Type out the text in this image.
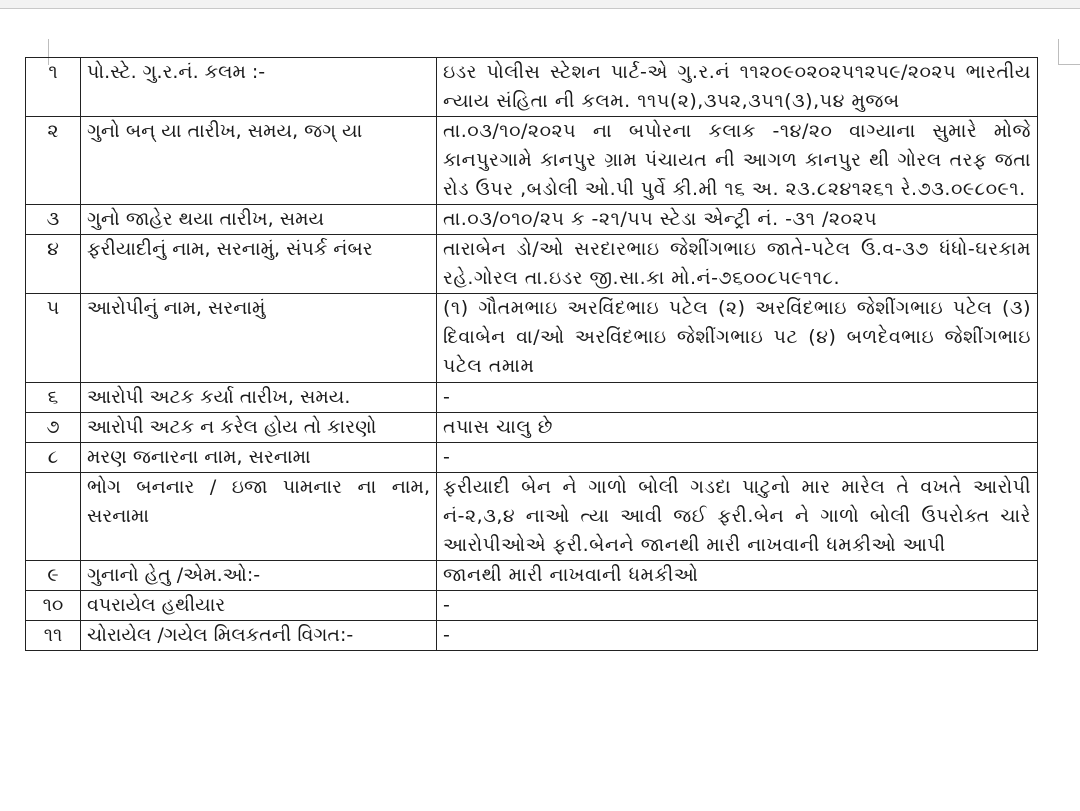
૧	પો.સ્ટે. ગુ.ર.નં. કલમ :-	ઇડર પોલીસ સ્ટેશન પાર્ટ-એ ગુ.ર.નં ૧૧૨૦૯૦૨૦૨૫૧૨૫૯/૨૦૨૫ ભારતીય ન્યાય સંહિતા ની કલમ. ૧૧૫(૨),૩૫૨,૩૫૧(૩),૫૪ મુજબ
૨	ગુનો બન્ યા તારીખ, સમય, જગ્ યા	તા.૦૩/૧૦/૨૦૨૫ ના બપોરના કલાક -૧૪/૨૦ વાગ્યાના સુમારે મોજે કાનપુરગામે કાનપુર ગ્રામ પંચાયત ની આગળ કાનપુર થી ગોરલ તરફ જતા રોડ ઉપર ,બડોલી ઓ.પી પુર્વે કી.મી ૧૬ અ. ૨૩.૮૨૪૧૨૬૧ રે.૭૩.૦૯૮૦૯૧.
૩	ગુનો જાહેર થયા તારીખ, સમય	તા.૦૩/૦૧૦/૨૫ ક -૨૧/૫૫ સ્ટેડા એન્ટ્રી નં. -૩૧ /૨૦૨૫
૪	ફરીયાદીનું નામ, સરનામું, સંપર્ક નંબર	તારાબેન ડો/ઓ સરદારભાઇ જેશીંગભાઇ જાતે-પટેલ ઉ.વ-૩૭ ધંધો-ઘરકામ રહે.ગોરલ તા.ઇડર જી.સા.કા મો.નં-૭૬૦૦૮૫૯૧૧૮.
૫	આરોપીનું નામ, સરનામું	(૧) ગૌતમભાઇ અરવિંદભાઇ પટેલ (૨) અરવિંદભાઇ જેશીંગભાઇ પટેલ (૩) દિવાબેન વા/ઓ અરવિંદભાઇ જેશીંગભાઇ પટ (૪) બળદેવભાઇ જેશીંગભાઇ પટેલ તમામ

૬	આરોપી અટક કર્યા તારીખ, સમય.	-
૭	આરોપી અટક ન કરેલ હોય તો કારણો	તપાસ ચાલુ છે
૮	મરણ જનારના નામ, સરનામા	-
	ભોગ બનનાર / ઇજા પામનાર ના નામ, સરનામા	ફરીયાદી બેન ને ગાળો બોલી ગડદા પાટુનો માર મારેલ તે વખતે આરોપી નં-૨,૩,૪ નાઓ ત્યા આવી જઈ ફરી.બેન ને ગાળો બોલી ઉપરોક્ત ચારે આરોપીઓએ ફરી.બેનને જાનથી મારી નાખવાની ધમકીઓ આપી
૯	ગુનાનો હેતુ /એમ.ઓ:-	જાનથી મારી નાખવાની ધમકીઓ
૧૦	વપરાયેલ હથીયાર	-
૧૧	ચોરાયેલ /ગયેલ મિલકતની વિગત:-	-
